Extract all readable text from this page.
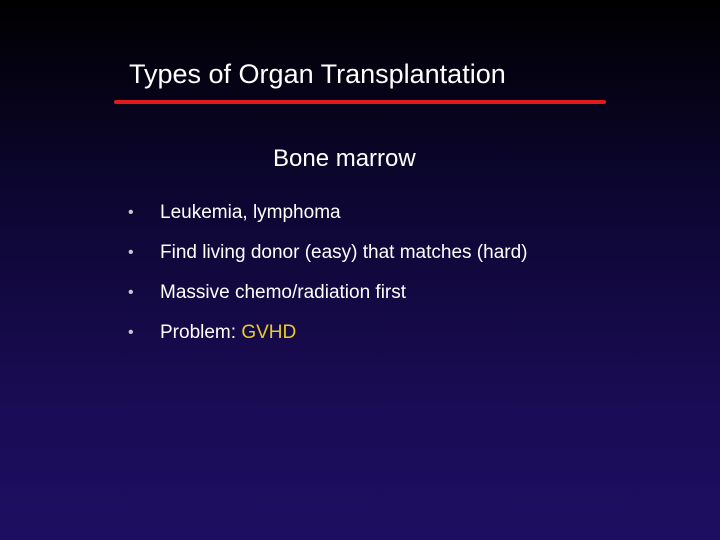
Types of Organ Transplantation
Bone marrow
• Leukemia, lymphoma
• Find living donor (easy) that matches (hard)
• Massive chemo/radiation first
• Problem: GVHD
